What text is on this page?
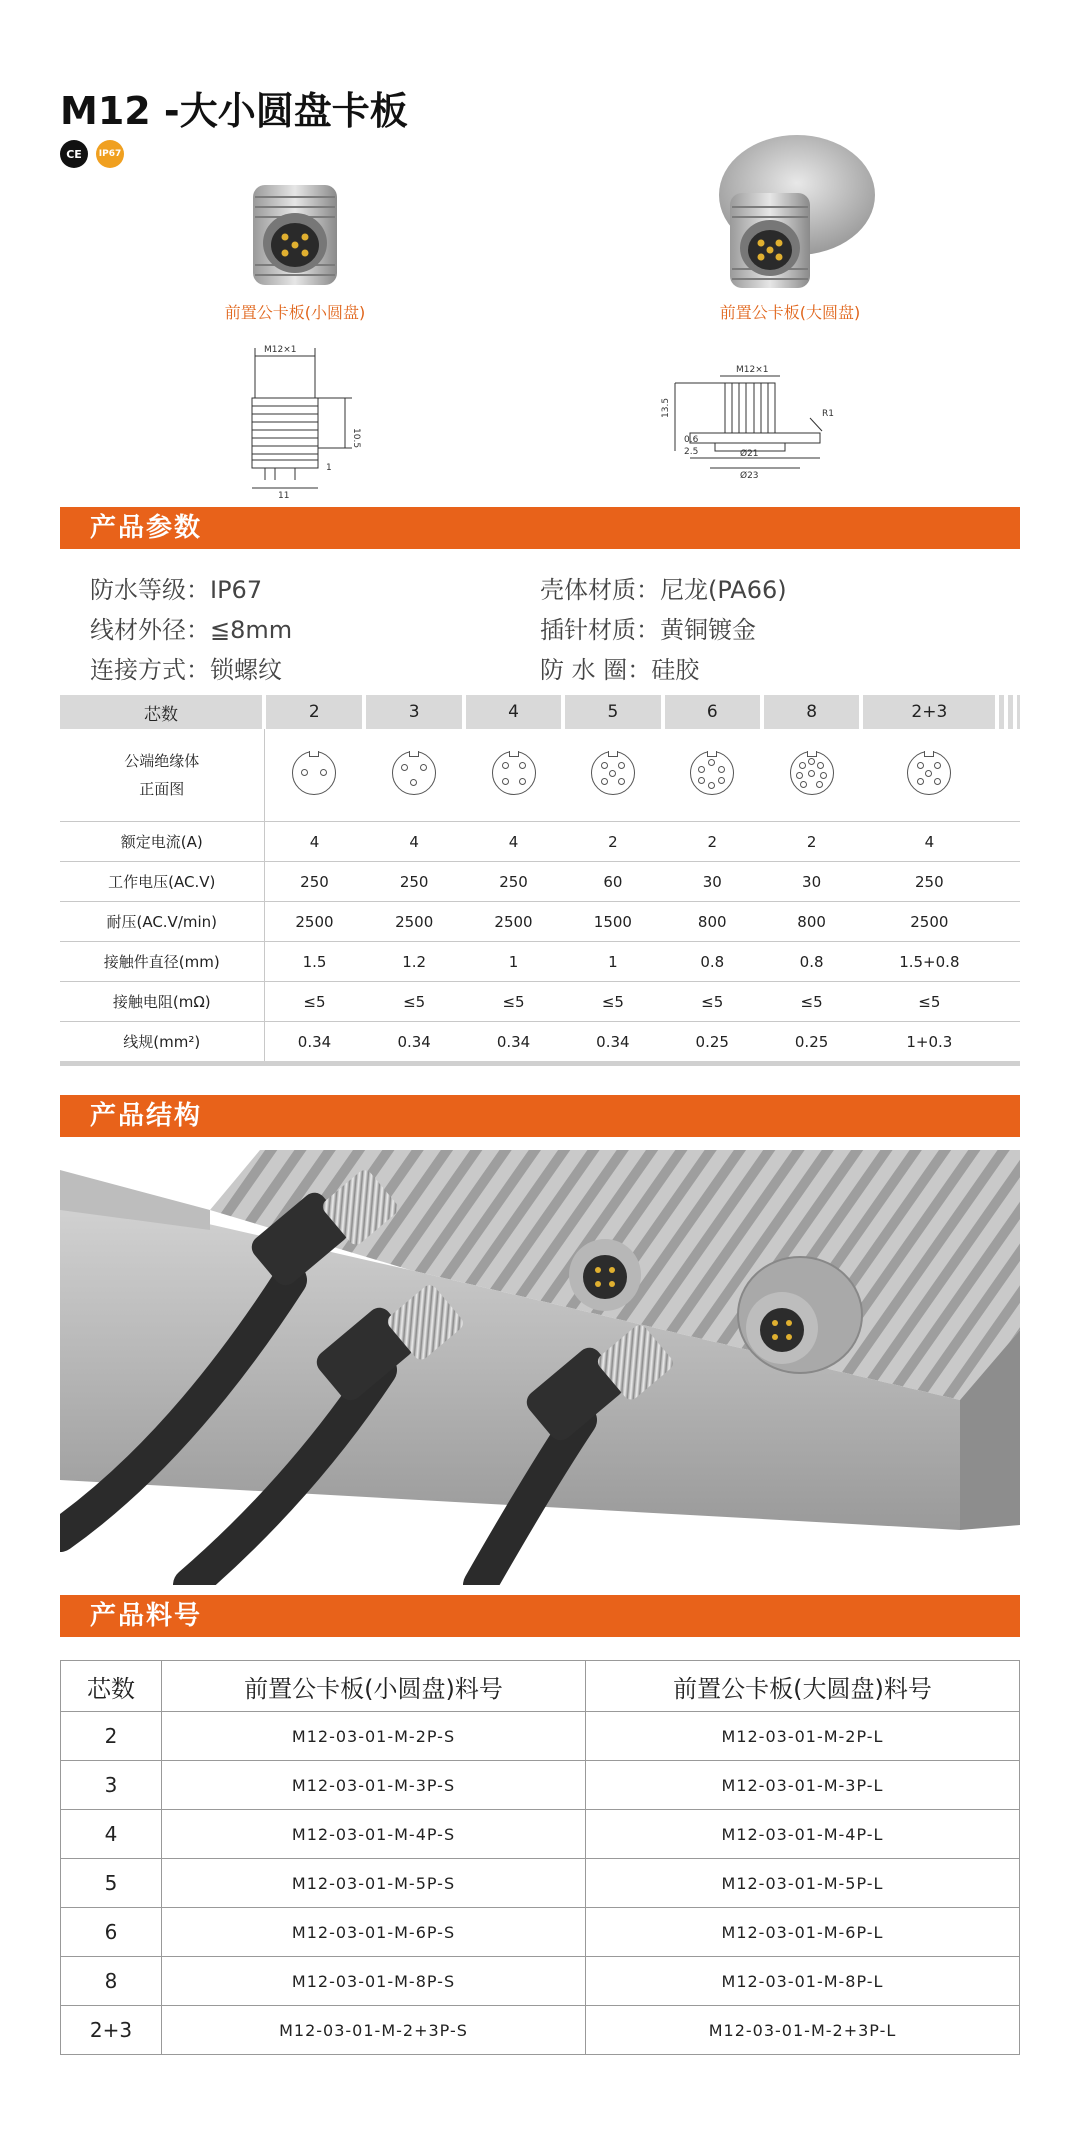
M12 -大小圆盘卡板
CE	IP67
前置公卡板(小圆盘)	前置公卡板(大圆盘)
M12×1
10.5
11
1
M12×1
13.5	R1
Ø21
Ø23
0.6
2.5
产品参数
防水等级：IP67	壳体材质：尼龙(PA66)
线材外径：≦8mm	插针材质：黄铜镀金
连接方式：锁螺纹	防 水 圈：硅胶
芯数	2	3	4	5	6	8	2+3			
公端绝缘体
正面图	

额定电流(A)	4	4	4	2	2	2	4			
工作电压(AC.V)	250	250	250	60	30	30	250			
耐压(AC.V/min)	2500	2500	2500	1500	800	800	2500			
接触件直径(mm)	1.5	1.2	1	1	0.8	0.8	1.5+0.8			
接触电阻(mΩ)	≤5	≤5	≤5	≤5	≤5	≤5	≤5			
线规(mm²)	0.34	0.34	0.34	0.34	0.25	0.25	1+0.3			
产品结构
产品料号
芯数	前置公卡板(小圆盘)料号	前置公卡板(大圆盘)料号
2	M12-03-01-M-2P-S	M12-03-01-M-2P-L
3	M12-03-01-M-3P-S	M12-03-01-M-3P-L
4	M12-03-01-M-4P-S	M12-03-01-M-4P-L
5	M12-03-01-M-5P-S	M12-03-01-M-5P-L
6	M12-03-01-M-6P-S	M12-03-01-M-6P-L
8	M12-03-01-M-8P-S	M12-03-01-M-8P-L
2+3	M12-03-01-M-2+3P-S	M12-03-01-M-2+3P-L
